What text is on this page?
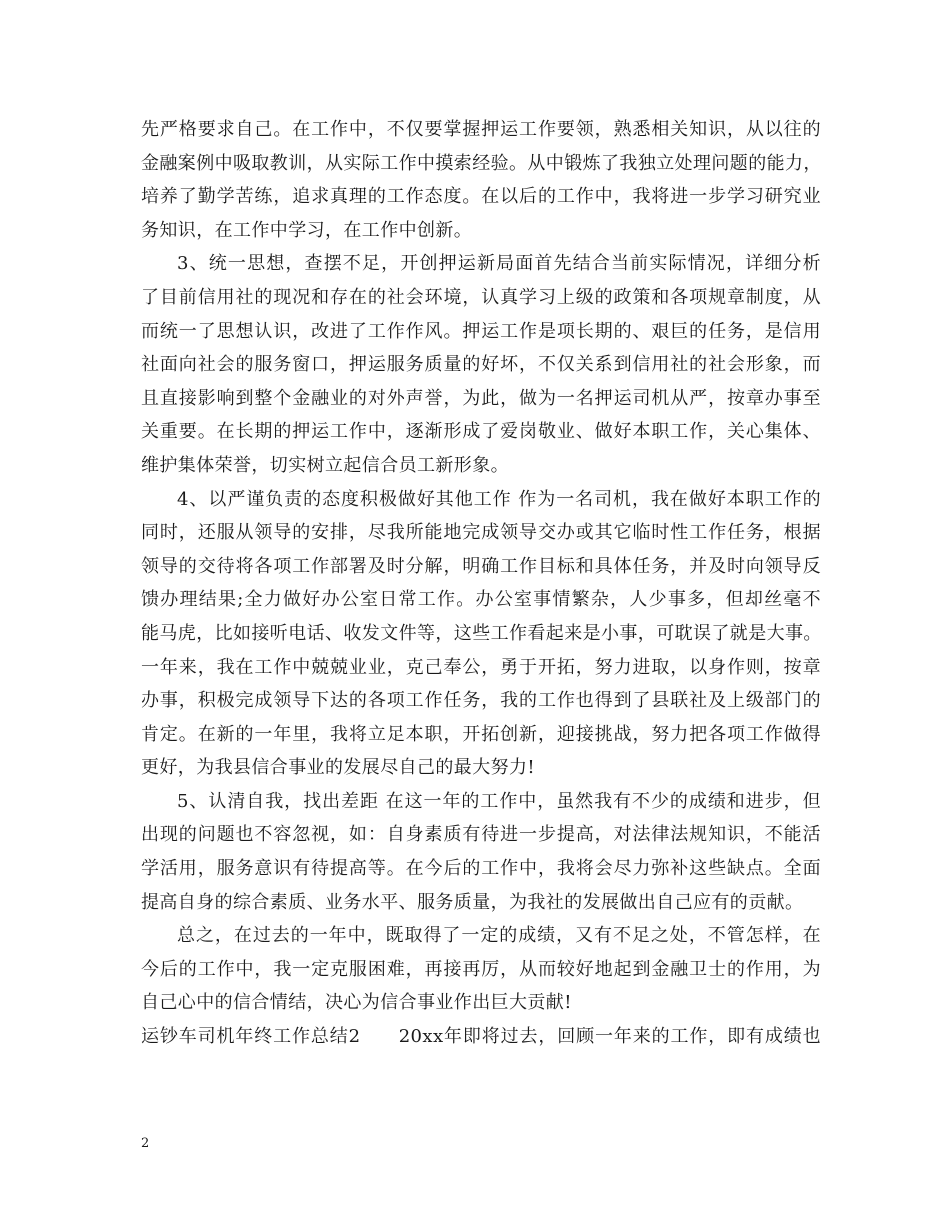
先严格要求自己。在工作中，不仅要掌握押运工作要领，熟悉相关知识，从以往的
金融案例中吸取教训，从实际工作中摸索经验。从中锻炼了我独立处理问题的能力，
培养了勤学苦练，追求真理的工作态度。在以后的工作中，我将进一步学习研究业
务知识，在工作中学习，在工作中创新。
3、统一思想，查摆不足，开创押运新局面首先结合当前实际情况，详细分析
了目前信用社的现况和存在的社会环境，认真学习上级的政策和各项规章制度，从
而统一了思想认识，改进了工作作风。押运工作是项长期的、艰巨的任务，是信用
社面向社会的服务窗口，押运服务质量的好坏，不仅关系到信用社的社会形象，而
且直接影响到整个金融业的对外声誉，为此，做为一名押运司机从严，按章办事至
关重要。在长期的押运工作中，逐渐形成了爱岗敬业、做好本职工作，关心集体、
维护集体荣誉，切实树立起信合员工新形象。
4、以严谨负责的态度积极做好其他工作 作为一名司机，我在做好本职工作的
同时，还服从领导的安排，尽我所能地完成领导交办或其它临时性工作任务，根据
领导的交待将各项工作部署及时分解，明确工作目标和具体任务，并及时向领导反
馈办理结果;全力做好办公室日常工作。办公室事情繁杂，人少事多，但却丝毫不
能马虎，比如接听电话、收发文件等，这些工作看起来是小事，可耽误了就是大事。
一年来，我在工作中兢兢业业，克己奉公，勇于开拓，努力进取，以身作则，按章
办事，积极完成领导下达的各项工作任务，我的工作也得到了县联社及上级部门的
肯定。在新的一年里，我将立足本职，开拓创新，迎接挑战，努力把各项工作做得
更好，为我县信合事业的发展尽自己的最大努力!
5、认清自我，找出差距 在这一年的工作中，虽然我有不少的成绩和进步，但
出现的问题也不容忽视，如：自身素质有待进一步提高，对法律法规知识，不能活
学活用，服务意识有待提高等。在今后的工作中，我将会尽力弥补这些缺点。全面
提高自身的综合素质、业务水平、服务质量，为我社的发展做出自己应有的贡献。
总之，在过去的一年中，既取得了一定的成绩，又有不足之处，不管怎样，在
今后的工作中，我一定克服困难，再接再厉，从而较好地起到金融卫士的作用，为
自己心中的信合情结，决心为信合事业作出巨大贡献!
运钞车司机年终工作总结2　　20xx年即将过去，回顾一年来的工作，即有成绩也
2
